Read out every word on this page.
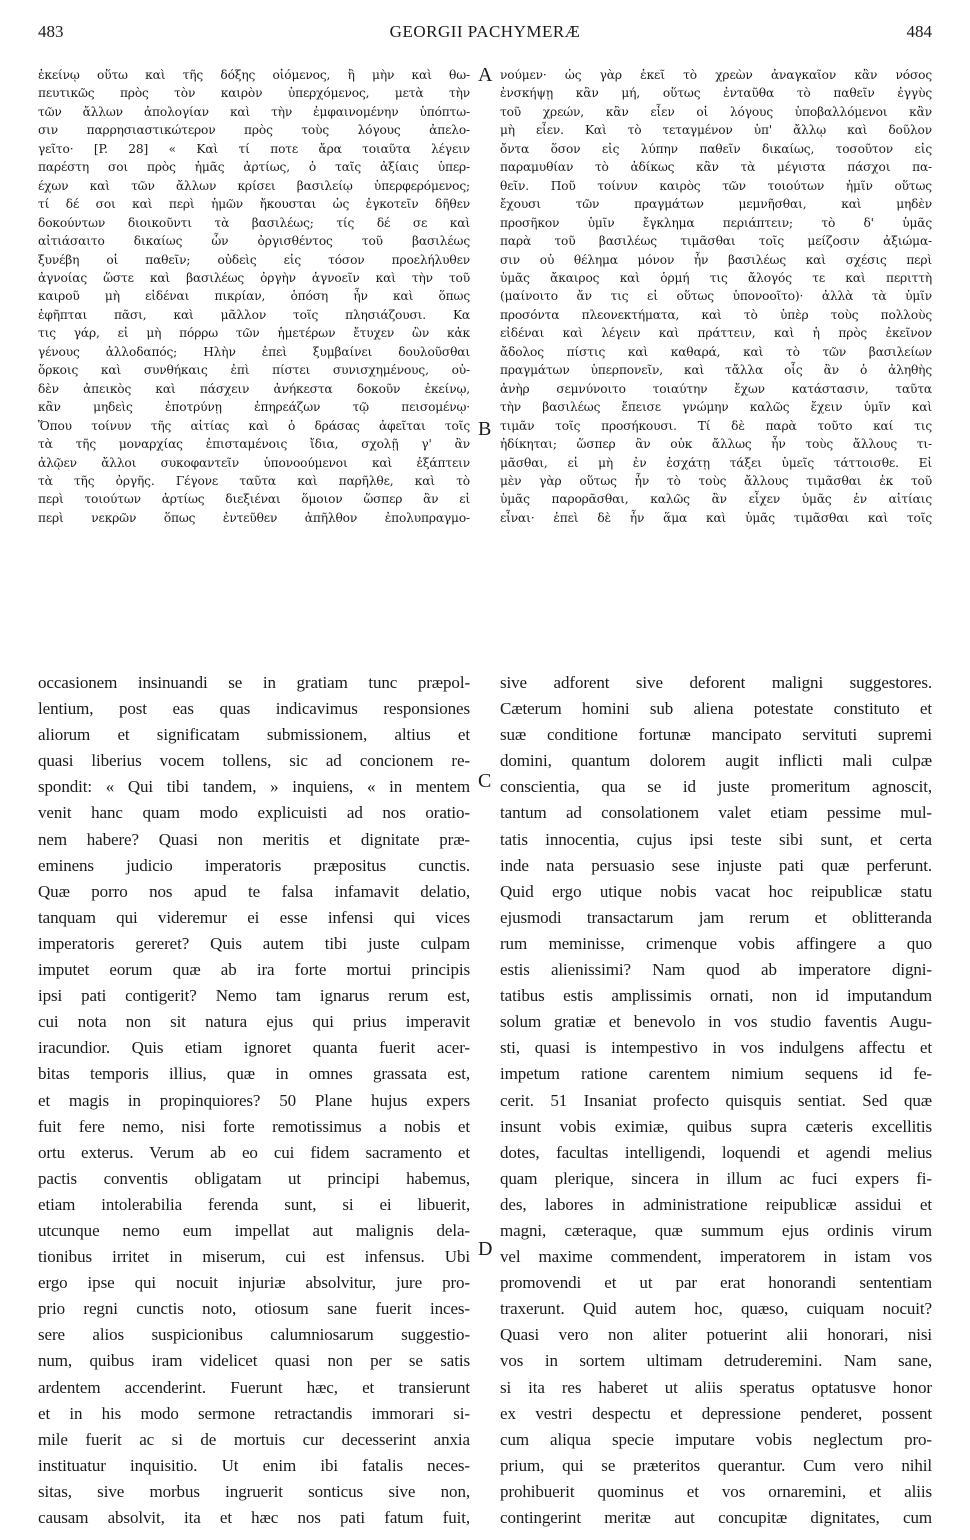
483	GEORGII PACHYMERÆ	484
ἐκείνῳ οὕτω καὶ τῆς δόξης οἰόμενος, ἢ μὴν καὶ θω-
πευτικῶς πρὸς τὸν καιρὸν ὑπερχόμενος, μετὰ τὴν
τῶν ἄλλων ἀπολογίαν καὶ τὴν ἐμφαινομένην ὑπόπτω-
σιν παρρησιαστικώτερον πρὸς τοὺς λόγους ἀπελο-
γεῖτο· [P. 28] « Καὶ τί ποτε ἄρα τοιαῦτα λέγειν
παρέστη σοι πρὸς ἡμᾶς ἀρτίως, ὁ ταῖς ἀξίαις ὑπερ-
έχων καὶ τῶν ἄλλων κρίσει βασιλείῳ ὑπερφερόμενος;
τί δέ σοι καὶ περὶ ἡμῶν ἤκουσται ὡς ἐγκοτεῖν δῆθεν
δοκούντων διοικοῦντι τὰ βασιλέως; τίς δέ σε καὶ
αἰτιάσαιτο δικαίως ὧν ὀργισθέντος τοῦ βασιλέως
ξυνέβη οἱ παθεῖν; οὐδεὶς εἰς τόσον προελήλυθεν
ἀγνοίας ὥστε καὶ βασιλέως ὀργὴν ἀγνοεῖν καὶ τὴν τοῦ
καιροῦ μὴ εἰδέναι πικρίαν, ὁπόση ἦν καὶ ὅπως
ἐφῆπται πᾶσι, καὶ μᾶλλον τοῖς πλησιάζουσι. Κα
τις γάρ, εἰ μὴ πόρρω τῶν ἡμετέρων ἔτυχεν ὢν κἀκ
γένους ἀλλοδαπός; Ηλὴν ἐπεὶ ξυμβαίνει δουλοῦσθαι
ὅρκοις καὶ συνθήκαις ἐπὶ πίστει συνισχημένους, οὐ-
δὲν ἀπεικὸς καὶ πάσχειν ἀνήκεστα δοκοῦν ἐκείνῳ,
κἂν μηδεὶς ἐποτρύνῃ ἐπηρεάζων τῷ πεισομένῳ·
Ὅπου τοίνυν τῆς αἰτίας καὶ ὁ δράσας ἀφεῖται τοῖς
τὰ τῆς μοναρχίας ἐπισταμένοις ἴδια, σχολῇ γ' ἂν
ἀλῷεν ἄλλοι συκοφαντεῖν ὑπονοούμενοι καὶ ἐξάπτειν
τὰ τῆς ὀργῆς. Γέγονε ταῦτα καὶ παρῆλθε, καὶ τὸ
περὶ τοιούτων ἀρτίως διεξιέναι ὅμοιον ὥσπερ ἂν εἰ
περὶ νεκρῶν ὅπως ἐντεῦθεν ἀπῆλθον ἐπολυπραγμο-
νούμεν· ὡς γὰρ ἐκεῖ τὸ χρεὼν ἀναγκαῖον κἂν νόσος
ἐνσκήψῃ κἂν μή, οὕτως ἐνταῦθα τὸ παθεῖν ἐγγὺς
τοῦ χρεών, κἂν εἶεν οἱ λόγους ὑποβαλλόμενοι κἂν
μὴ εἶεν. Καὶ τὸ τεταγμένον ὑπ' ἄλλῳ καὶ δοῦλον
ὄντα ὅσον εἰς λύπην παθεῖν δικαίως, τοσοῦτον εἰς
παραμυθίαν τὸ ἀδίκως κἂν τὰ μέγιστα πάσχοι πα-
θεῖν. Ποῦ τοίνυν καιρὸς τῶν τοιούτων ἡμῖν οὕτως
ἔχουσι τῶν πραγμάτων μεμνῆσθαι, καὶ μηδὲν
προσῆκον ὑμῖν ἔγκλημα περιάπτειν; τὸ δ' ὑμᾶς
παρὰ τοῦ βασιλέως τιμᾶσθαι τοῖς μείζοσιν ἀξιώμα-
σιν οὐ θέλημα μόνον ἦν βασιλέως καὶ σχέσις περὶ
ὑμᾶς ἄκαιρος καὶ ὁρμή τις ἄλογός τε καὶ περιττὴ
(μαίνοιτο ἄν τις εἰ οὕτως ὑπονοοῖτο)· ἀλλὰ τὰ ὑμῖν
προσόντα πλεονεκτήματα, καὶ τὸ ὑπὲρ τοὺς πολλοὺς
εἰδέναι καὶ λέγειν καὶ πράττειν, καὶ ἡ πρὸς ἐκεῖνον
ἄδολος πίστις καὶ καθαρά, καὶ τὸ τῶν βασιλείων
πραγμάτων ὑπερπονεῖν, καὶ τἄλλα οἷς ἂν ὁ ἀληθὴς
ἀνὴρ σεμνύνοιτο τοιαύτην ἔχων κατάστασιν, ταῦτα
τὴν βασιλέως ἔπεισε γνώμην καλῶς ἔχειν ὑμῖν καὶ
τιμᾶν τοῖς προσήκουσι. Τί δὲ παρὰ τοῦτο καί τις
ἠδίκηται; ὥσπερ ἂν οὐκ ἄλλως ἦν τοὺς ἄλλους τι-
μᾶσθαι, εἰ μὴ ἐν ἐσχάτῃ τάξει ὑμεῖς τάττοισθε. Εἰ
μὲν γὰρ οὕτως ἦν τὸ τοὺς ἄλλους τιμᾶσθαι ἐκ τοῦ
ὑμᾶς παρορᾶσθαι, καλῶς ἂν εἶχεν ὑμᾶς ἐν αἰτίαις
εἶναι· ἐπεὶ δὲ ἦν ἅμα καὶ ὑμᾶς τιμᾶσθαι καὶ τοῖς
occasionem insinuandi se in gratiam tunc præpol-
lentium, post eas quas indicavimus responsiones
aliorum et significatam submissionem, altius et
quasi liberius vocem tollens, sic ad concionem re-
spondit: « Qui tibi tandem, » inquiens, « in mentem
venit hanc quam modo explicuisti ad nos oratio-
nem habere? Quasi non meritis et dignitate præ-
eminens judicio imperatoris præpositus cunctis.
Quæ porro nos apud te falsa infamavit delatio,
tanquam qui videremur ei esse infensi qui vices
imperatoris gereret? Quis autem tibi juste culpam
imputet eorum quæ ab ira forte mortui principis
ipsi pati contigerit? Nemo tam ignarus rerum est,
cui nota non sit natura ejus qui prius imperavit
iracundior. Quis etiam ignoret quanta fuerit acer-
bitas temporis illius, quæ in omnes grassata est,
et magis in propinquiores? 50 Plane hujus expers
fuit fere nemo, nisi forte remotissimus a nobis et
ortu exterus. Verum ab eo cui fidem sacramento et
pactis conventis obligatam ut principi habemus,
etiam intolerabilia ferenda sunt, si ei libuerit,
utcunque nemo eum impellat aut malignis dela-
tionibus irritet in miserum, cui est infensus. Ubi
ergo ipse qui nocuit injuriæ absolvitur, jure pro-
prio regni cunctis noto, otiosum sane fuerit inces-
sere alios suspicionibus calumniosarum suggestio-
num, quibus iram videlicet quasi non per se satis
ardentem accenderint. Fuerunt hæc, et transierunt
et in his modo sermone retractandis immorari si-
mile fuerit ac si de mortuis cur decesserint anxia
instituatur inquisitio. Ut enim ibi fatalis neces-
sitas, sive morbus ingruerit sonticus sive non,
causam absolvit, ita et hæc nos pati fatum fuit,
sive adforent sive deforent maligni suggestores.
Cæterum homini sub aliena potestate constituto et
suæ conditione fortunæ mancipato servituti supremi
domini, quantum dolorem augit inflicti mali culpæ
conscientia, qua se id juste promeritum agnoscit,
tantum ad consolationem valet etiam pessime mul-
tatis innocentia, cujus ipsi teste sibi sunt, et certa
inde nata persuasio sese injuste pati quæ perferunt.
Quid ergo utique nobis vacat hoc reipublicæ statu
ejusmodi transactarum jam rerum et oblitteranda
rum meminisse, crimenque vobis affingere a quo
estis alienissimi? Nam quod ab imperatore digni-
tatibus estis amplissimis ornati, non id imputandum
solum gratiæ et benevolo in vos studio faventis Augu-
sti, quasi is intempestivo in vos indulgens affectu et
impetum ratione carentem nimium sequens id fe-
cerit. 51 Insaniat profecto quisquis sentiat. Sed quæ
insunt vobis eximiæ, quibus supra cæteris excellitis
dotes, facultas intelligendi, loquendi et agendi melius
quam plerique, sincera in illum ac fuci expers fi-
des, labores in administratione reipublicæ assidui et
magni, cæteraque, quæ summum ejus ordinis virum
vel maxime commendent, imperatorem in istam vos
promovendi et ut par erat honorandi sententiam
traxerunt. Quid autem hoc, quæso, cuiquam nocuit?
Quasi vero non aliter potuerint alii honorari, nisi
vos in sortem ultimam detruderemini. Nam sane,
si ita res haberet ut aliis speratus optatusve honor
ex vestri despectu et depressione penderet, possent
cum aliqua specie imputare vobis neglectum pro-
prium, qui se præteritos querantur. Cum vero nihil
prohibuerit quominus et vos ornaremini, et aliis
contingerint meritæ aut concupitæ dignitates, cum
A
B
C
D
